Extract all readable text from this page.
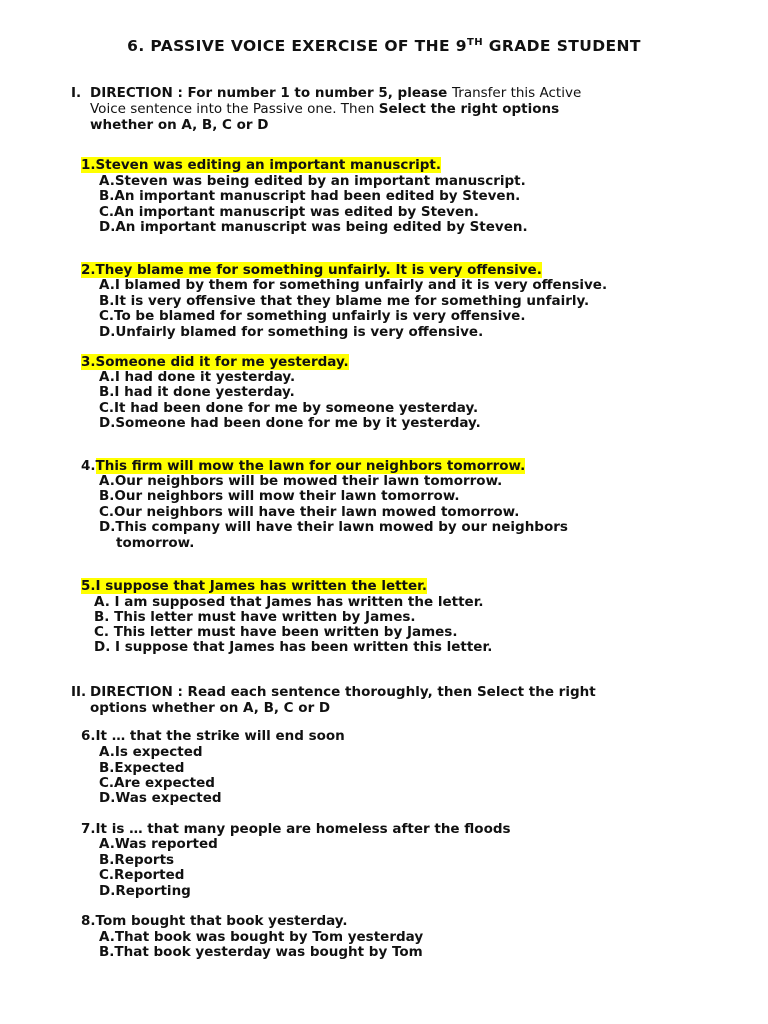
6. PASSIVE VOICE EXERCISE OF THE 9TH GRADE STUDENT
I. DIRECTION : For number 1 to number 5, please Transfer this Active
Voice sentence into the Passive one. Then Select the right options
whether on A, B, C or D
1.Steven was editing an important manuscript.
A.Steven was being edited by an important manuscript.
B.An important manuscript had been edited by Steven.
C.An important manuscript was edited by Steven.
D.An important manuscript was being edited by Steven.
2.They blame me for something unfairly. It is very offensive.
A.I blamed by them for something unfairly and it is very offensive.
B.It is very offensive that they blame me for something unfairly.
C.To be blamed for something unfairly is very offensive.
D.Unfairly blamed for something is very offensive.
3.Someone did it for me yesterday.
A.I had done it yesterday.
B.I had it done yesterday.
C.It had been done for me by someone yesterday.
D.Someone had been done for me by it yesterday.
4.This firm will mow the lawn for our neighbors tomorrow.
A.Our neighbors will be mowed their lawn tomorrow.
B.Our neighbors will mow their lawn tomorrow.
C.Our neighbors will have their lawn mowed tomorrow.
D.This company will have their lawn mowed by our neighbors
tomorrow.
5.I suppose that James has written the letter.
A. I am supposed that James has written the letter.
B. This letter must have written by James.
C. This letter must have been written by James.
D. I suppose that James has been written this letter.
II. DIRECTION : Read each sentence thoroughly, then Select the right
options whether on A, B, C or D
6.It … that the strike will end soon
A.Is expected
B.Expected
C.Are expected
D.Was expected
7.It is … that many people are homeless after the floods
A.Was reported
B.Reports
C.Reported
D.Reporting
8.Tom bought that book yesterday.
A.That book was bought by Tom yesterday
B.That book yesterday was bought by Tom
